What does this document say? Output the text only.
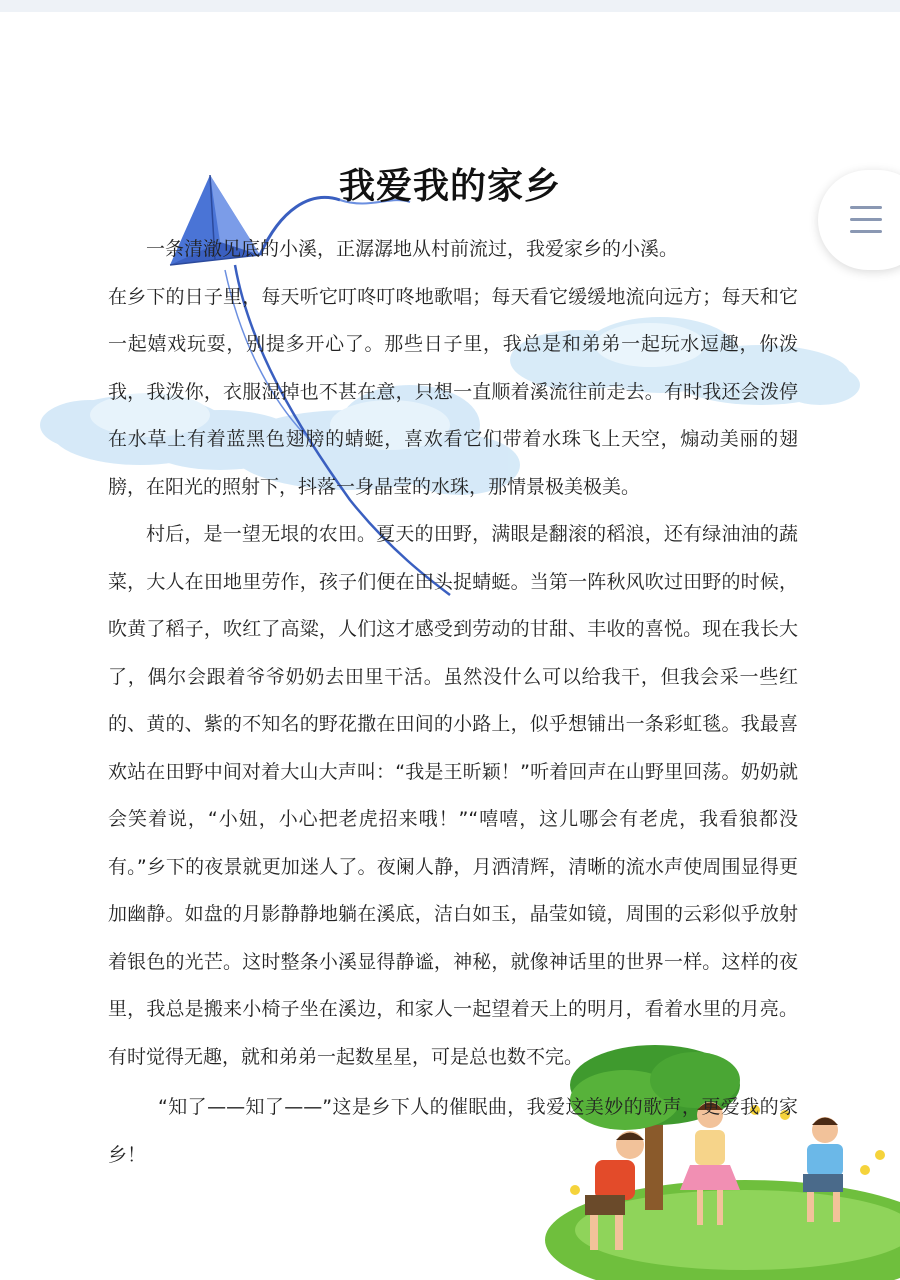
我爱我的家乡

一条清澈见底的小溪，正潺潺地从村前流过，我爱家乡的小溪。

在乡下的日子里，每天听它叮咚叮咚地歌唱；每天看它缓缓地流向远方；每天和它一起嬉戏玩耍，别提多开心了。那些日子里，我总是和弟弟一起玩水逗趣，你泼我，我泼你，衣服湿掉也不甚在意，只想一直顺着溪流往前走去。有时我还会泼停在水草上有着蓝黑色翅膀的蜻蜓，喜欢看它们带着水珠飞上天空，煽动美丽的翅膀，在阳光的照射下，抖落一身晶莹的水珠，那情景极美极美。

村后，是一望无垠的农田。夏天的田野，满眼是翻滚的稻浪，还有绿油油的蔬菜，大人在田地里劳作，孩子们便在田头捉蜻蜓。当第一阵秋风吹过田野的时候，吹黄了稻子，吹红了高粱，人们这才感受到劳动的甘甜、丰收的喜悦。现在我长大了，偶尔会跟着爷爷奶奶去田里干活。虽然没什么可以给我干，但我会采一些红的、黄的、紫的不知名的野花撒在田间的小路上，似乎想铺出一条彩虹毯。我最喜欢站在田野中间对着大山大声叫：“我是王昕颖！”听着回声在山野里回荡。奶奶就会笑着说，“小妞，小心把老虎招来哦！”“嘻嘻，这儿哪会有老虎，我看狼都没有。”乡下的夜景就更加迷人了。夜阑人静，月洒清辉，清晰的流水声使周围显得更加幽静。如盘的月影静静地躺在溪底，洁白如玉，晶莹如镜，周围的云彩似乎放射着银色的光芒。这时整条小溪显得静谧，神秘，就像神话里的世界一样。这样的夜里，我总是搬来小椅子坐在溪边，和家人一起望着天上的明月，看着水里的月亮。有时觉得无趣，就和弟弟一起数星星，可是总也数不完。

“知了——知了——”这是乡下人的催眠曲，我爱这美妙的歌声，更爱我的家乡！
